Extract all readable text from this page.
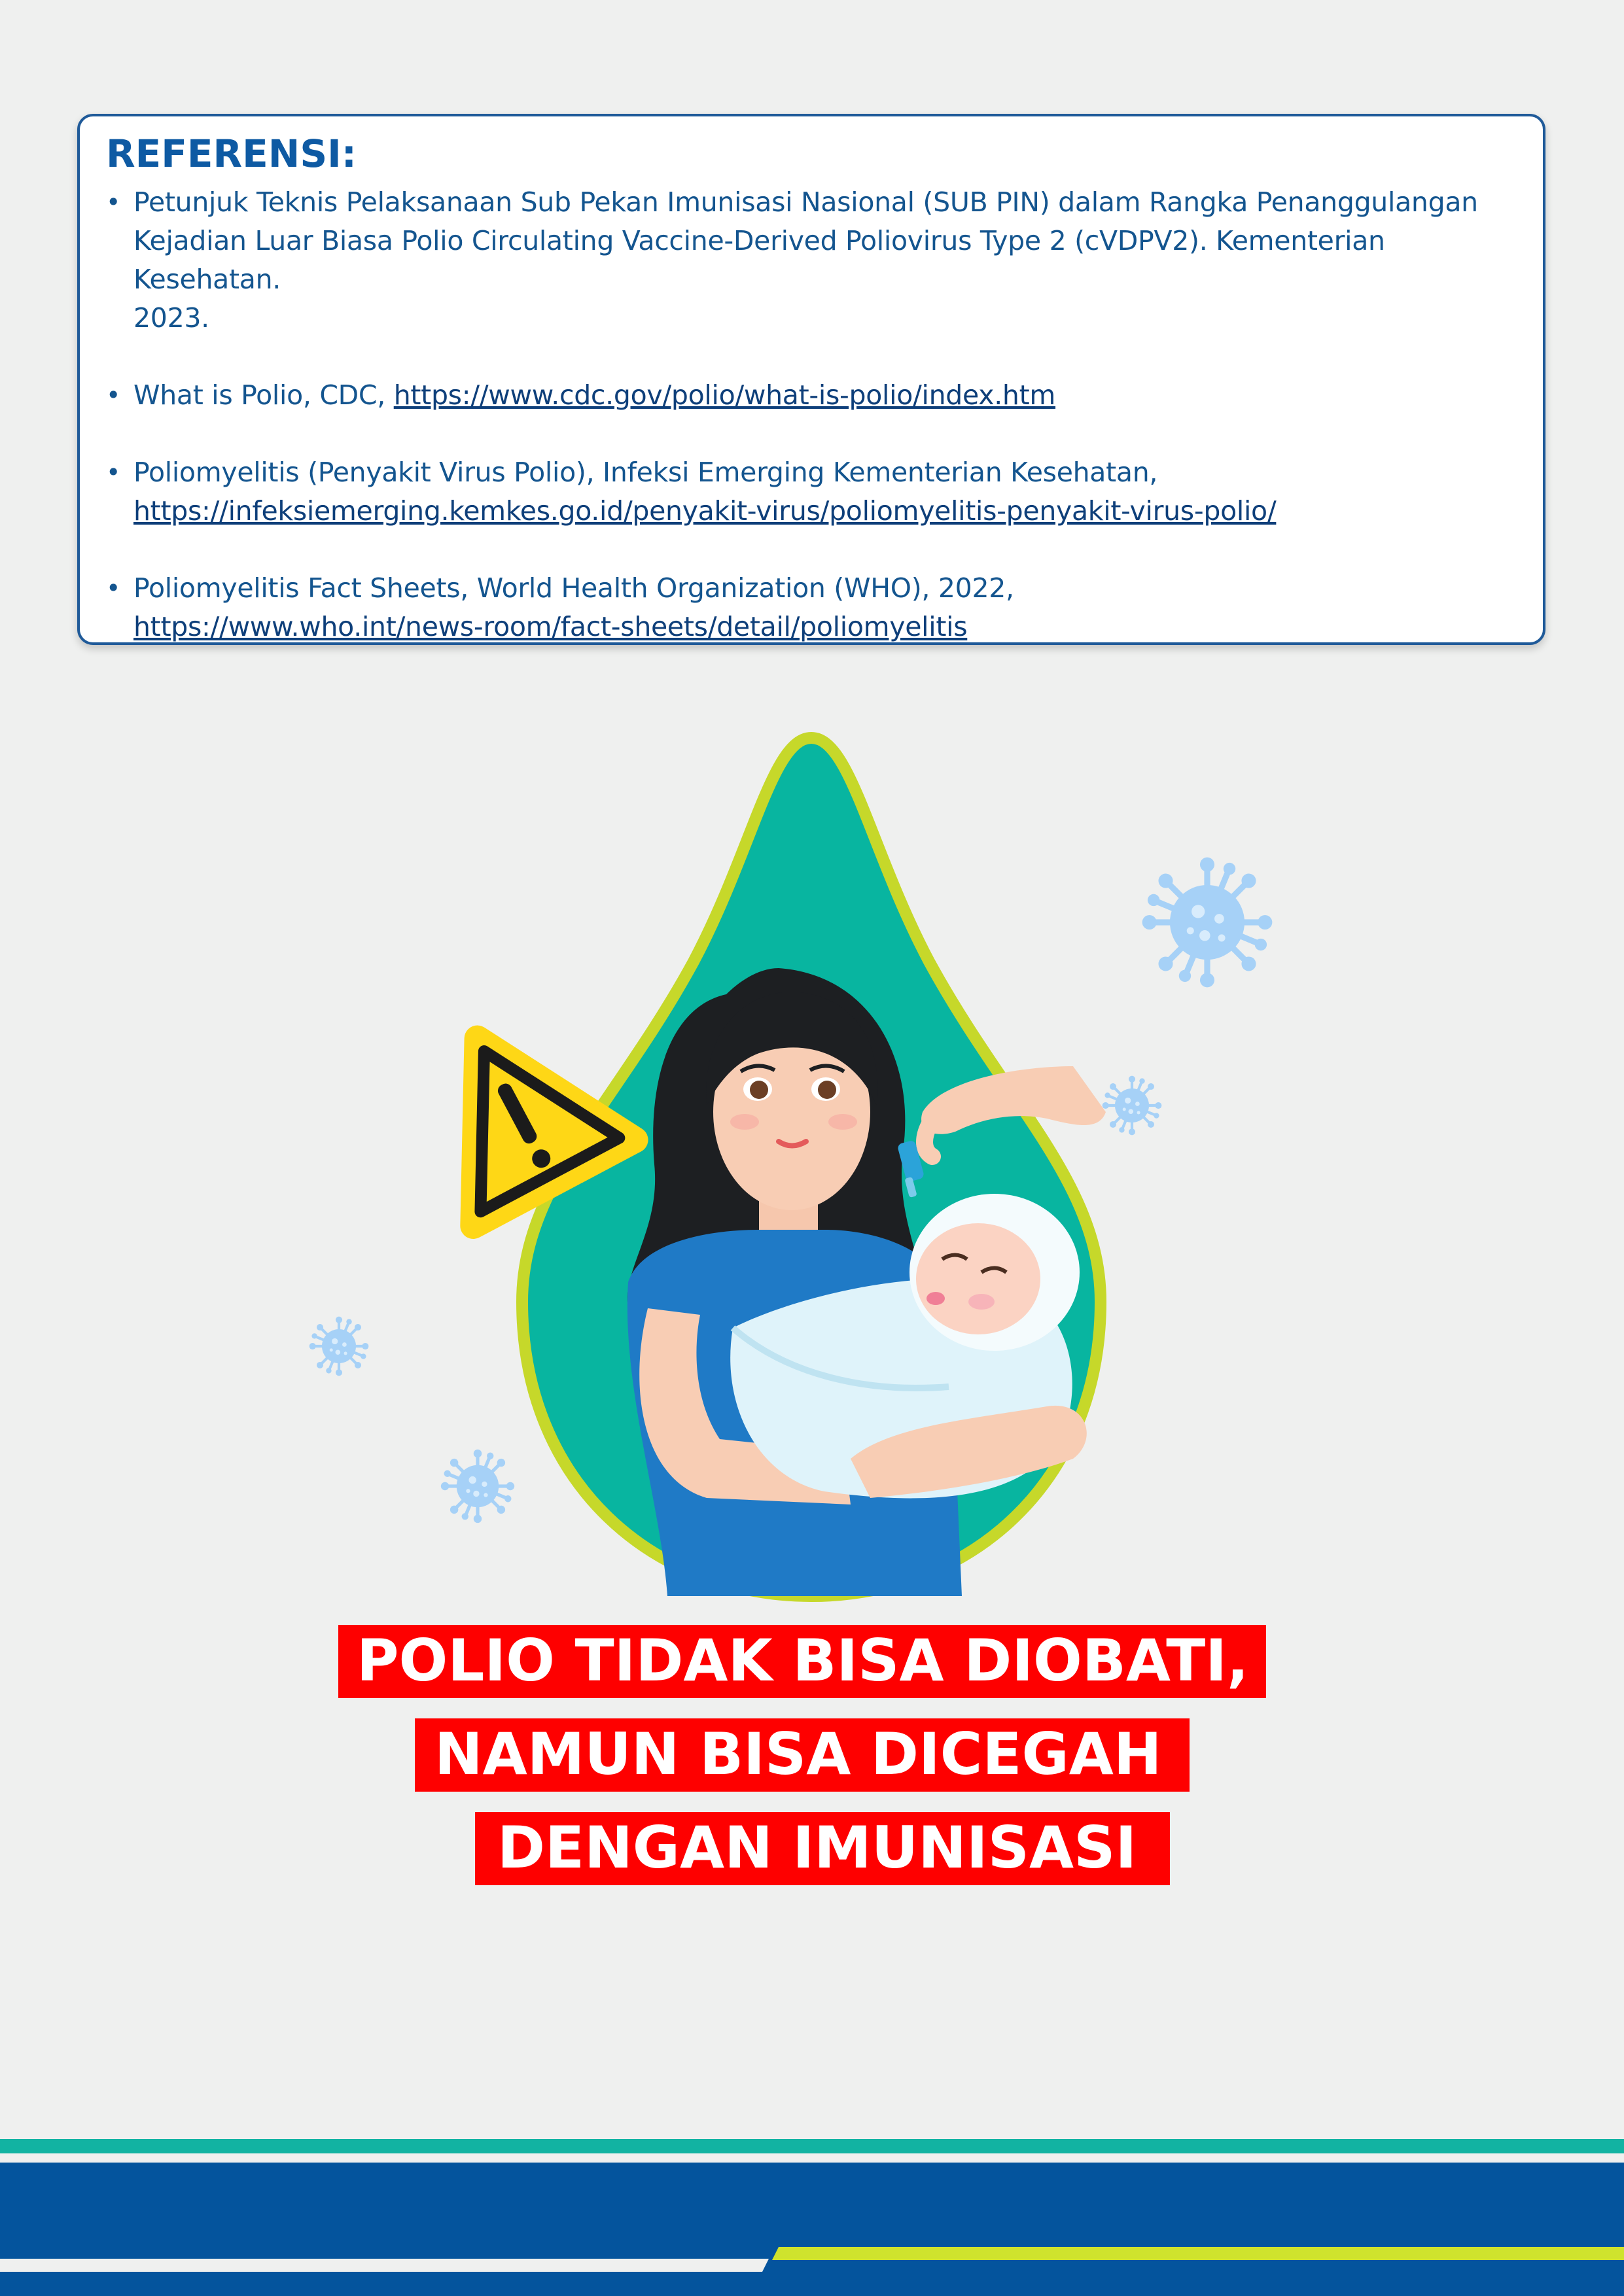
REFERENSI:
• Petunjuk Teknis Pelaksanaan Sub Pekan Imunisasi Nasional (SUB PIN) dalam Rangka Penanggulangan
Kejadian Luar Biasa Polio Circulating Vaccine-Derived Poliovirus Type 2 (cVDPV2). Kementerian Kesehatan.
2023.
• What is Polio, CDC, https://www.cdc.gov/polio/what-is-polio/index.htm
• Poliomyelitis (Penyakit Virus Polio), Infeksi Emerging Kementerian Kesehatan,
https://infeksiemerging.kemkes.go.id/penyakit-virus/poliomyelitis-penyakit-virus-polio/
• Poliomyelitis Fact Sheets, World Health Organization (WHO), 2022,
https://www.who.int/news-room/fact-sheets/detail/poliomyelitis
POLIO TIDAK BISA DIOBATI,
NAMUN BISA DICEGAH
DENGAN IMUNISASI
